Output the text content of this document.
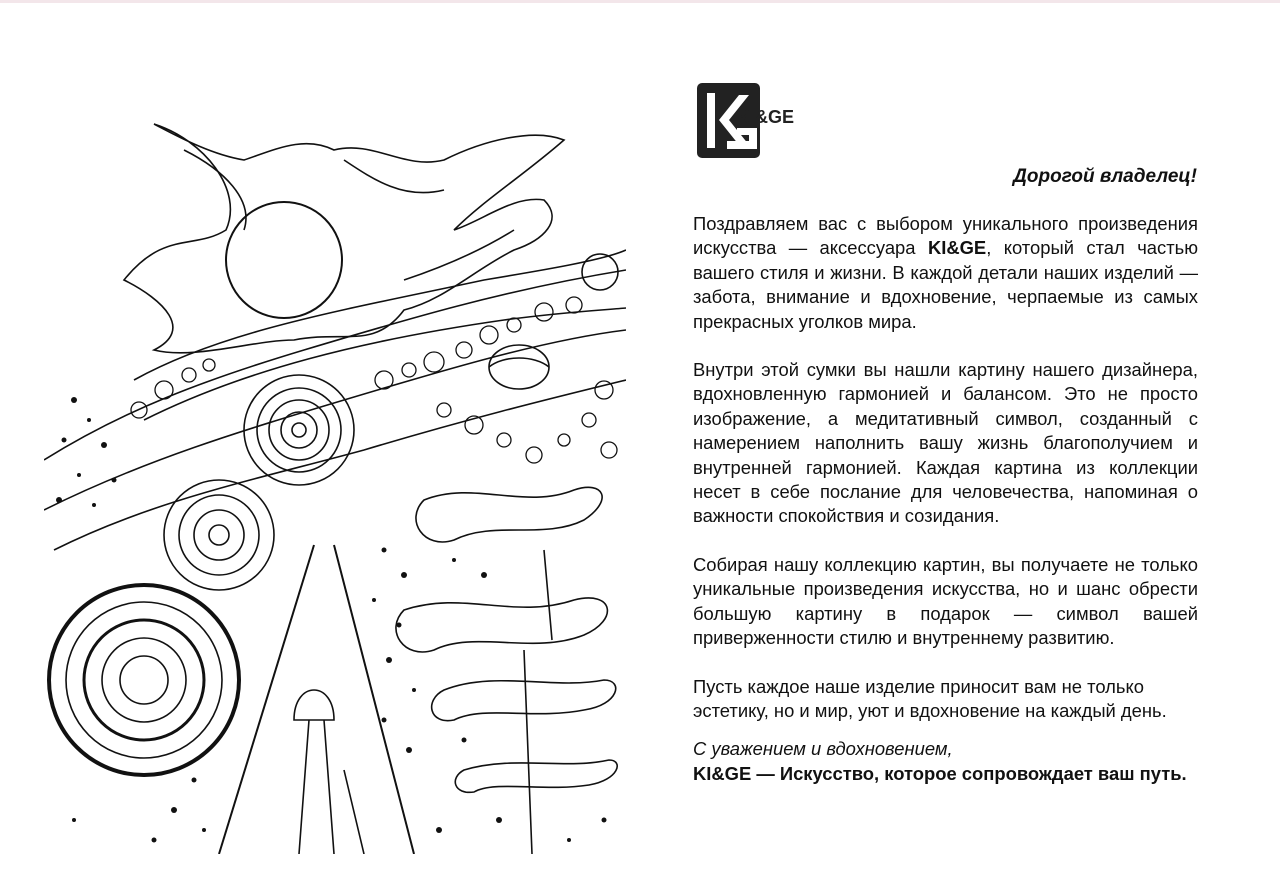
KI&GE
Дорогой владелец!

Поздравляем вас с выбором уникального произведения искусства — аксессуара KI&GE, который стал частью вашего стиля и жизни. В каждой детали наших изделий — забота, внимание и вдохновение, черпаемые из самых прекрасных уголков мира.

Внутри этой сумки вы нашли картину нашего дизайнера, вдохновленную гармонией и балансом. Это не просто изображение, а медитативный символ, созданный с намерением наполнить вашу жизнь благополучием и внутренней гармонией. Каждая картина из коллекции несет в себе послание для человечества, напоминая о важности спокойствия и созидания.

Собирая нашу коллекцию картин, вы получаете не только уникальные произведения искусства, но и шанс обрести большую картину в подарок — символ вашей приверженности стилю и внутреннему развитию.

Пусть каждое наше изделие приносит вам не только эстетику, но и мир, уют и вдохновение на каждый день.

С уважением и вдохновением,
KI&GE — Искусство, которое сопровождает ваш путь.
